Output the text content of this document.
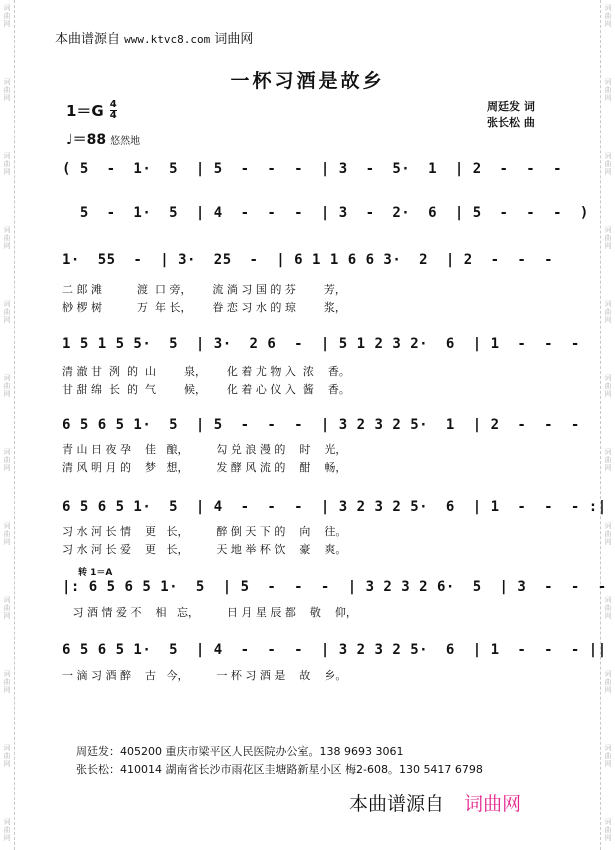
词
曲
网
词
曲
网
词
曲
网
词
曲
网
词
曲
网
词
曲
网
词
曲
网
词
曲
网
词
曲
网
词
曲
网
词
曲
网
词
曲
网
词
曲
网
词
曲
网
词
曲
网
词
曲
网
词
曲
网
词
曲
网
词
曲
网
词
曲
网
词
曲
网
词
曲
网
词
曲
网
词
曲
网
本曲谱源自 www.ktvc8.com 词曲网
一杯习酒是故乡
$1=G \frac{4}{4}$
♩＝88 悠然地
周廷发 词
张长松 曲
( 5  -  1·  5  | 5  -  -  -  | 3  -  5·  1  | 2  -  -  -
5  -  1·  5  | 4  -  -  -  | 3  -  2·  6  | 5  -  -  -  )
1·  55  -  | 3·  25  -  | 6 1 1 6 6 3·  2  | 2  -  -  -
二 郎 滩          渡  口 旁，      流 淌 习 国 的 芬        芳，
桫 椤 树          万  年 长，      眷 恋 习 水 的 琼        浆，
1 5 1 5 5·  5  | 3·  2 6  -  | 5 1 2 3 2·  6  | 1  -  -  -
清 澈 甘  洌  的  山        泉，      化 着 尤 物 入  浓    香。
甘 甜 绵  长  的  气        候，      化 着 心 仪 入  酱    香。
6 5 6 5 1·  5  | 5  -  -  -  | 3 2 3 2 5·  1  | 2  -  -  -
青 山 日 夜 孕    佳   酿，        勾 兑 浪 漫 的    时    光，
清 风 明 月 的    梦   想，        发 酵 风 流 的    酣    畅，
6 5 6 5 1·  5  | 4  -  -  -  | 3 2 3 2 5·  6  | 1  -  -  - :|
习 水 河 长 情    更   长，        醉 倒 天 下 的    向    往。
习 水 河 长 爱    更   长，        天 地 举 杯 饮    豪    爽。
转 1＝A
|: 6 5 6 5 1·  5  | 5  -  -  -  | 3 2 3 2 6·  5  | 3  -  -  -
习 酒 情 爱 不    相   忘，        日 月 星 辰 都    敬    仰，
6 5 6 5 1·  5  | 4  -  -  -  | 3 2 3 2 5·  6  | 1  -  -  - ||
一 滴 习 酒 醉    古   今，        一 杯 习 酒 是    故    乡。
周廷发：405200 重庆市梁平区人民医院办公室。138 9693 3061
张长松：410014 湖南省长沙市雨花区圭塘路新星小区 梅2-608。130 5417 6798
本曲谱源自 词曲网
